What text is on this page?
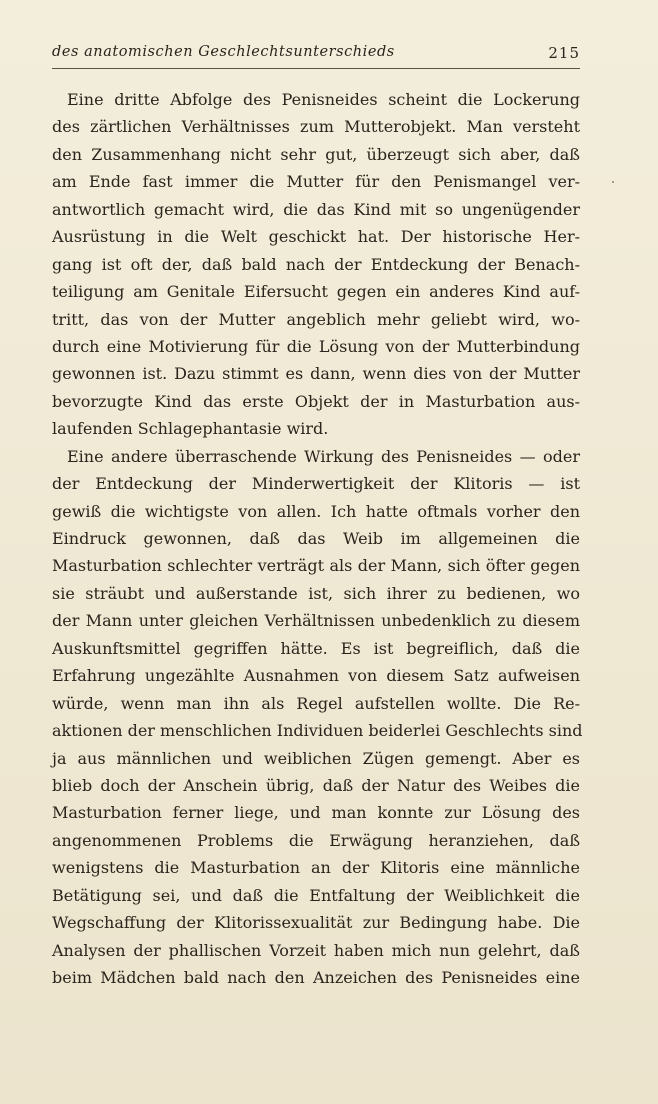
des anatomischen Geschlechtsunterschieds	215
Eine dritte Abfolge des Penisneides scheint die Lockerung
des zärtlichen Verhältnisses zum Mutterobjekt. Man versteht
den Zusammenhang nicht sehr gut, überzeugt sich aber, daß
am Ende fast immer die Mutter für den Penismangel ver-
antwortlich gemacht wird, die das Kind mit so ungenügender
Ausrüstung in die Welt geschickt hat. Der historische Her-
gang ist oft der, daß bald nach der Entdeckung der Benach-
teiligung am Genitale Eifersucht gegen ein anderes Kind auf-
tritt, das von der Mutter angeblich mehr geliebt wird, wo-
durch eine Motivierung für die Lösung von der Mutterbindung
gewonnen ist. Dazu stimmt es dann, wenn dies von der Mutter
bevorzugte Kind das erste Objekt der in Masturbation aus-
laufenden Schlagephantasie wird.
Eine andere überraschende Wirkung des Penisneides — oder
der Entdeckung der Minderwertigkeit der Klitoris — ist
gewiß die wichtigste von allen. Ich hatte oftmals vorher den
Eindruck gewonnen, daß das Weib im allgemeinen die
Masturbation schlechter verträgt als der Mann, sich öfter gegen
sie sträubt und außerstande ist, sich ihrer zu bedienen, wo
der Mann unter gleichen Verhältnissen unbedenklich zu diesem
Auskunftsmittel gegriffen hätte. Es ist begreiflich, daß die
Erfahrung ungezählte Ausnahmen von diesem Satz aufweisen
würde, wenn man ihn als Regel aufstellen wollte. Die Re-
aktionen der menschlichen Individuen beiderlei Geschlechts sind
ja aus männlichen und weiblichen Zügen gemengt. Aber es
blieb doch der Anschein übrig, daß der Natur des Weibes die
Masturbation ferner liege, und man konnte zur Lösung des
angenommenen Problems die Erwägung heranziehen, daß
wenigstens die Masturbation an der Klitoris eine männliche
Betätigung sei, und daß die Entfaltung der Weiblichkeit die
Wegschaffung der Klitorissexualität zur Bedingung habe. Die
Analysen der phallischen Vorzeit haben mich nun gelehrt, daß
beim Mädchen bald nach den Anzeichen des Penisneides eine
